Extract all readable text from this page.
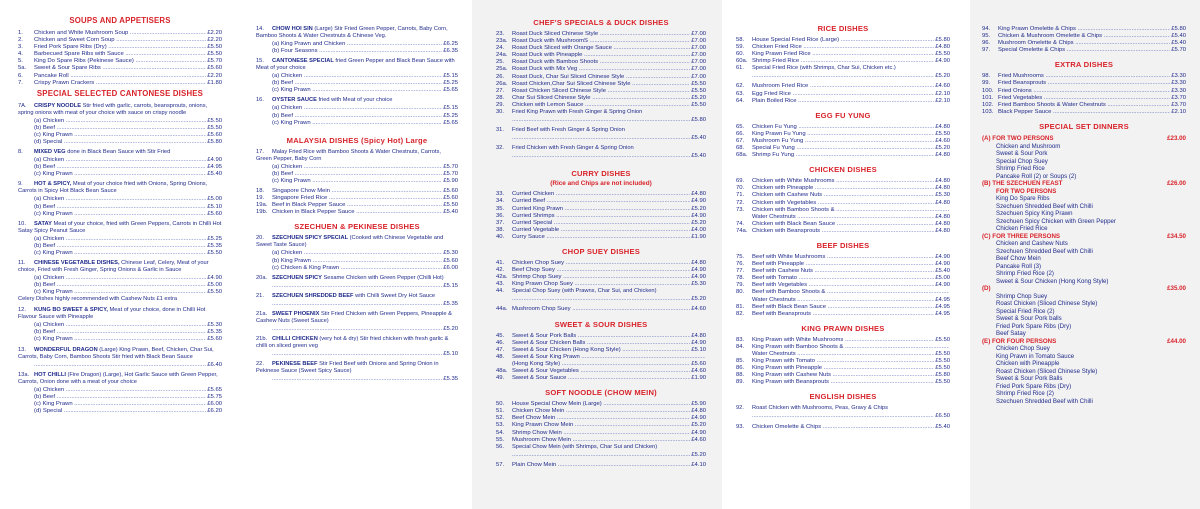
SOUPS AND APPETISERS
1.	Chicken and White Mushroom Soup .....	£2.20
2.	Chicken and Sweet Corn Soup .....	£2.20
3.	Fried Pork Spare Ribs (Dry) .....	£5.50
4.	Barbecued Spare Ribs with Sauce .....	£5.50
5.	King Do Spare Ribs (Pekinese Sauce) .....	£5.70
5a.	Sweet & Sour Spare Ribs .....	£5.60
6.	Pancake Roll .....	£2.20
7.	Crispy Prawn Crackers .....	£1.80
SPECIAL SELECTED CANTONESE DISHES
7A. CRISPY NOODLE Stir fried with garlic, carrots, beansprouts, onions, spring onions with meat of your choice with sauce on crispy noodle
(a) Chicken .....	£5.50
(b) Beef .....	£5.50
(c) King Prawn .....	£5.60
(d) Special .....	£5.80
8. MIXED VEG done in Black Bean Sauce with Stir Fried
(a) Chicken .....	£4.90
(b) Beef .....	£4.95
(c) King Prawn .....	£5.40
9. HOT & SPICY, Meat of your choice fried with Onions, Spring Onions, Carrots in Spicy Hot Black Bean Sauce
(a) Chicken .....	£5.00
(b) Beef .....	£5.10
(c) King Prawn .....	£5.60
10. SATAY Meat of your choice, fried with Green Peppers, Carrots in Chilli Hot Satay Spicy Peanut Sauce
(a) Chicken .....	£5.25
(b) Beef .....	£5.35
(c) King Prawn .....	£5.50
11. CHINESE VEGETABLE DISHES, Chinese Leaf, Celery, Meat of your choice, Fried with Fresh Ginger, Spring Onions & Garlic in Sauce
(a) Chicken .....	£4.90
(b) Beef .....	£5.00
(c) King Prawn .....	£5.50
Celery Dishes highly recommended with Cashew Nuts £1 extra
12. KUNG BO SWEET & SPICY, Meat of your choice, done in Chilli Hot Flavour Sauce with Pineapple
(a) Chicken .....	£5.30
(b) Beef .....	£5.35
(c) King Prawn .....	£5.60
13. WONDERFUL DRAGON (Large) King Prawn, Beef, Chicken, Char Sui, Carrots, Baby Corn, Bamboo Shoots Stir fried with Black Bean Sauce
.....
£6.40
13a. HOT CHILLI (Fire Dragon) (Large), Hot Garlic Sauce with Green Pepper, Carrots, Onion done with a meat of your choice
(a) Chicken .....	£5.65
(b) Beef .....	£5.75
(c) King Prawn .....	£6.00
(d) Special .....	£6.20
14. CHOW HOI SIN (Large) Stir Fried Green Pepper, Carrots, Baby Corn, Bamboo Shoots & Water Chestnuts & Chinese Veg.
(a) King Prawn and Chicken .....	£6.25
(b) Four Seasons .....	£6.35
15. CANTONESE SPECIAL fried Green Pepper and Black Bean Sauce with Meat of your choice
(a) Chicken .....	£5.15
(b) Beef .....	£5.25
(c) King Prawn .....	£5.65
16. OYSTER SAUCE fried with Meat of your choice
(a) Chicken .....	£5.15
(b) Beef .....	£5.25
(c) King Prawn .....	£5.65
MALAYSIA DISHES (Spicy Hot) Large
17. Malay Fried Rice with Bamboo Shoots & Water Chestnuts, Carrots, Green Pepper, Baby Corn
(a) Chicken .....	£5.70
(b) Beef .....	£5.70
(c) King Prawn .....	£5.90
18.	Singapore Chow Mein .....	£5.60
19.	Singapore Fried Rice .....	£5.60
19a. Beef in Black Pepper Sauce .....	£5.50
19b. Chicken in Black Pepper Sauce .....	£5.40
SZECHUEN & PEKINESE DISHES
20. SZECHUEN SPICY SPECIAL (Cooked with Chinese Vegetable and Sweet Taste Sauce)
(a) Chicken .....	£5.30
(b) King Prawn .....	£5.60
(c) Chicken & King Prawn .....	£6.00
20a. SZECHUEN SPICY Sesame Chicken with Green Pepper (Chilli Hot)
.....
£5.15
21. SZECHUEN SHREDDED BEEF with Chilli Sweet Dry Hot Sauce
.....
£5.35
21a. SWEET PHOENIX Stir Fried Chicken with Green Peppers, Pineapple & Cashew Nuts (Sweet Sauce)
.....
£5.20
21b. CHILLI CHICKEN (very hot & dry) Stir fried chicken with fresh garlic & chilli on sliced green veg
.....
£5.10
22. PEKINESE BEEF Stir Fried Beef with Onions and Spring Onion in Pekinese Sauce (Sweet Spicy Sauce)
.....
£5.35
CHEF'S SPECIALS & DUCK DISHES
23.	Roast Duck Sliced Chinese Style .....	£7.00
23a. Roast Duck with MushroomS .....	£7.00
24.	Roast Duck Sliced with Orange Sauce .....	£7.00
24a. Roast Duck with Pineapple .....	£7.00
25.	Roast Duck with Bamboo Shoots .....	£7.00
25a. Roast Duck with Mix Veg .....	£7.00
26.	Roast Duck, Char Sui Sliced Chinese Style .....	£7.00
26a. Roast Chicken,Char Sui Sliced Chinese Style .....	£5.50
27.	Roast Chicken Sliced Chinese Style .....	£5.50
28.	Char Sui Sliced Chinese Style .....	£5.20
29.	Chicken with Lemon Sauce .....	£5.50
30. Fried King Prawn with Fresh Ginger & Spring Onion
.....
£5.80
31. Fried Beef with Fresh Ginger & Spring Onion
.....
£5.40
32. Fried Chicken with Fresh Ginger & Spring Onion
.....
£5.40
CURRY DISHES
(Rice and Chips are not included)
33.	Curried Chicken .....	£4.80
34.	Curried Beef .....	£4.90
35.	Curried King Prawn .....	£5.20
36.	Curried Shrimps .....	£4.90
37.	Curried Special .....	£5.20
38.	Curried Vegetable .....	£4.00
40.	Curry Sauce .....	£1.90
CHOP SUEY DISHES
41.	Chicken Chop Suey .....	£4.80
42.	Beef Chop Suey .....	£4.90
42a. Shrimp Chop Suey .....	£4.90
43.	King Prawn Chop Suey .....	£5.30
44. Special Chop Suey (with Prawns, Char Sui, and Chicken)
.....
£5.20
44a. Mushroom Chop Suey .....	£4.60
SWEET & SOUR DISHES
45.	Sweet & Sour Pork Balls .....	£4.80
46.	Sweet & Sour Chicken Balls .....	£4.90
47.	Sweet & Sour Chicken (Hong Kong Style) .....	£5.10
48.	Sweet & Sour King Prawn .....
(Hong Kong Style) .....	£5.60
48a. Sweet & Sour Vegetables .....	£4.60
49.	Sweet & Sour Sauce .....	£1.90
SOFT NOODLE (CHOW MEIN)
50.	House Special Chow Mein (Large) .....	£5.90
51.	Chicken Chow Mein .....	£4.80
52.	Beef Chow Mein .....	£4.90
53.	King Prawn Chow Mein .....	£5.20
54.	Shrimp Chow Mein .....	£4.90
55.	Mushroom Chow Mein .....	£4.60
56. Special Chow Mein (with Shrimps, Char Sui and Chicken)
.....
£5.20
57.	Plain Chow Mein .....	£4.10
RICE DISHES
58.	House Special Fried Rice (Large) .....	£5.80
59.	Chicken Fried Rice .....	£4.80
60.	King Prawn Fried Rice .....	£5.50
60a. Shrimp Fried Rice .....	£4.90
61. Special Fried Rice (with Shrimps, Char Sui, Chicken etc.)
.....
£5.20
62.	Mushroom Fried Rice .....	£4.60
63.	Egg Fried Rice .....	£2.10
64.	Plain Boiled Rice .....	£2.10
EGG FU YUNG
65.	Chicken Fu Yung .....	£4.80
66.	King Prawn Fu Yung .....	£5.50
67.	Mushroom Fu Yung .....	£4.60
68.	Special Fu Yung .....	£5.20
68a. Shrimp Fu Yung .....	£4.80
CHICKEN DISHES
69.	Chicken with White Mushrooms .....	£4.80
70.	Chicken with Pineapple .....	£4.80
71.	Chicken with Cashew Nuts .....	£5.30
72.	Chicken with Vegetables .....	£4.80
73.	Chicken with Bamboo Shoots & .....
Water Chestnuts .....	£4.80
74.	Chicken with Black Bean Sauce .....	£4.80
74a. Chicken with Beansprouts .....	£4.80
BEEF DISHES
75.	Beef with White Mushrooms .....	£4.90
76.	Beef with Pineapple .....	£4.90
77.	Beef with Cashew Nuts .....	£5.40
78.	Beef with Tomato .....	£5.00
79.	Beef with Vegetables .....	£4.90
80.	Beef with Bamboo Shoots & .....
Water Chestnuts .....	£4.95
81.	Beef with Black Bean Sauce .....	£4.95
82.	Beef with Beansprouts .....	£4.95
KING PRAWN DISHES
83.	King Prawn with White Mushrooms .....	£5.50
84.	King Prawn with Bamboo Shoots & .....
Water Chestnuts .....	£5.50
85.	King Prawn with Tomato .....	£5.50
86.	King Prawn with Pineapple .....	£5.50
88.	King Prawn with Cashew Nuts .....	£5.80
89.	King Prawn with Beansprouts .....	£5.50
ENGLISH DISHES
92. Roast Chicken with Mushrooms, Peas, Gravy & Chips
.....
£6.50
93.	Chicken Omelette & Chips .....	£5.40
94.	King Prawn Omelette & Chips .....	£5.80
95.	Chicken & Mushroom Omelette & Chips .....	£5.40
96.	Mushroom Omelette & Chips .....	£5.40
97.	Special Omelette & Chips .....	£5.70
EXTRA DISHES
98.	Fried Mushrooms .....	£3.30
99.	Fried Beansprouts .....	£3.30
100. Fried Onions .....	£3.30
101. Fried Vegetables .....	£3.70
102. Fried Bamboo Shoots & Water Chestnuts .....	£3.70
103. Black Pepper Sauce .....	£2.10
SPECIAL SET DINNERS
(A) FOR TWO PERSONS	£23.00
Chicken and Mushroom
Sweet & Sour Pork
Special Chop Suey
Shrimp Fried Rice
Pancake Roll (2) or Soups (2)
(B) THE SZECHUEN FEAST	£26.00
FOR TWO PERSONS
King Do Spare Ribs
Szechuen Shredded Beef with Chilli
Szechuen Spicy King Prawn
Szechuen Spicy Chicken with Green Pepper
Chicken Fried Rice
(C) FOR THREE PERSONS	£34.50
Chicken and Cashew Nuts
Szechuen Shredded Beef with Chilli
Beef Chow Mein
Pancake Roll (3)
Shrimp Fried Rice (2)
Sweet & Sour Chicken (Hong Kong Style)
(D)	£35.00
Shrimp Chop Suey
Roast Chicken (Sliced Chinese Style)
Special Fried Rice (2)
Sweet & Sour Pork balls
Fried Pork Spare Ribs (Dry)
Beef Satay
(E) FOR FOUR PERSONS	£44.00
Chicken Chop Suey
King Prawn in Tomato Sauce
Chicken with Pineapple
Roast Chicken (Sliced Chinese Style)
Sweet & Sour Pork Balls
Fried Pork Spare Ribs (Dry)
Shrimp Fried Rice (2)
Szechuen Shredded Beef with Chilli
